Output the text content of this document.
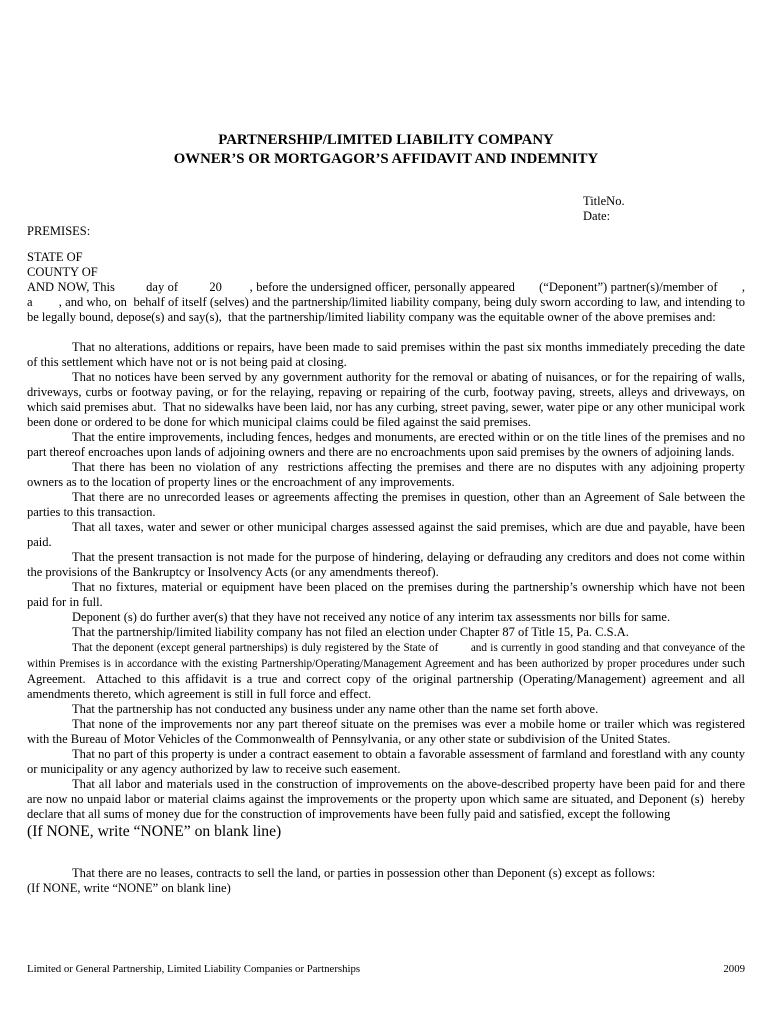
PARTNERSHIP/LIMITED LIABILITY COMPANY
OWNER’S OR MORTGAGOR’S AFFIDAVIT AND INDEMNITY
TitleNo.
Date:

PREMISES:

STATE OF

COUNTY OF

AND NOW, This         day of         20        , before the undersigned officer, personally appeared       (“Deponent”) partner(s)/member of       , a        , and who, on  behalf of itself (selves) and the partnership/limited liability company, being duly sworn according to law, and intending to be legally bound, depose(s) and say(s),  that the partnership/limited liability company was the equitable owner of the above premises and:

That no alterations, additions or repairs, have been made to said premises within the past six months immediately preceding the date of this settlement which have not or is not being paid at closing.

That no notices have been served by any government authority for the removal or abating of nuisances, or for the repairing of walls, driveways, curbs or footway paving, or for the relaying, repaving or repairing of the curb, footway paving, streets, alleys and driveways, on which said premises abut.  That no sidewalks have been laid, nor has any curbing, street paving, sewer, water pipe or any other municipal work been done or ordered to be done for which municipal claims could be filed against the said premises.

That the entire improvements, including fences, hedges and monuments, are erected within or on the title lines of the premises and no part thereof encroaches upon lands of adjoining owners and there are no encroachments upon said premises by the owners of adjoining lands.

That there has been no violation of any  restrictions affecting the premises and there are no disputes with any adjoining property owners as to the location of property lines or the encroachment of any improvements.

That there are no unrecorded leases or agreements affecting the premises in question, other than an Agreement of Sale between the parties to this transaction.

That all taxes, water and sewer or other municipal charges assessed against the said premises, which are due and payable, have been paid.

That the present transaction is not made for the purpose of hindering, delaying or defrauding any creditors and does not come within the provisions of the Bankruptcy or Insolvency Acts (or any amendments thereof).

That no fixtures, material or equipment have been placed on the premises during the partnership’s ownership which have not been paid for in full.

Deponent (s) do further aver(s) that they have not received any notice of any interim tax assessments nor bills for same.

That the partnership/limited liability company has not filed an election under Chapter 87 of Title 15, Pa. C.S.A.

That the deponent (except general partnerships) is duly registered by the State of          and is currently in good standing and that conveyance of the within Premises is in accordance with the existing Partnership/Operating/Management Agreement and has been authorized by proper procedures under such Agreement.  Attached to this affidavit is a true and correct copy of the original partnership (Operating/Management) agreement and all amendments thereto, which agreement is still in full force and effect.

That the partnership has not conducted any business under any name other than the name set forth above.

That none of the improvements nor any part thereof situate on the premises was ever a mobile home or trailer which was registered with the Bureau of Motor Vehicles of the Commonwealth of Pennsylvania, or any other state or subdivision of the United States.

That no part of this property is under a contract easement to obtain a favorable assessment of farmland and forestland with any county or municipality or any agency authorized by law to receive such easement.

That all labor and materials used in the construction of improvements on the above-described property have been paid for and there are now no unpaid labor or material claims against the improvements or the property upon which same are situated, and Deponent (s)  hereby declare that all sums of money due for the construction of improvements have been fully paid and satisfied, except the following

(If NONE, write “NONE” on blank line)

That there are no leases, contracts to sell the land, or parties in possession other than Deponent (s) except as follows:

(If NONE, write “NONE” on blank line)

Limited or General Partnership, Limited Liability Companies or Partnerships	2009
